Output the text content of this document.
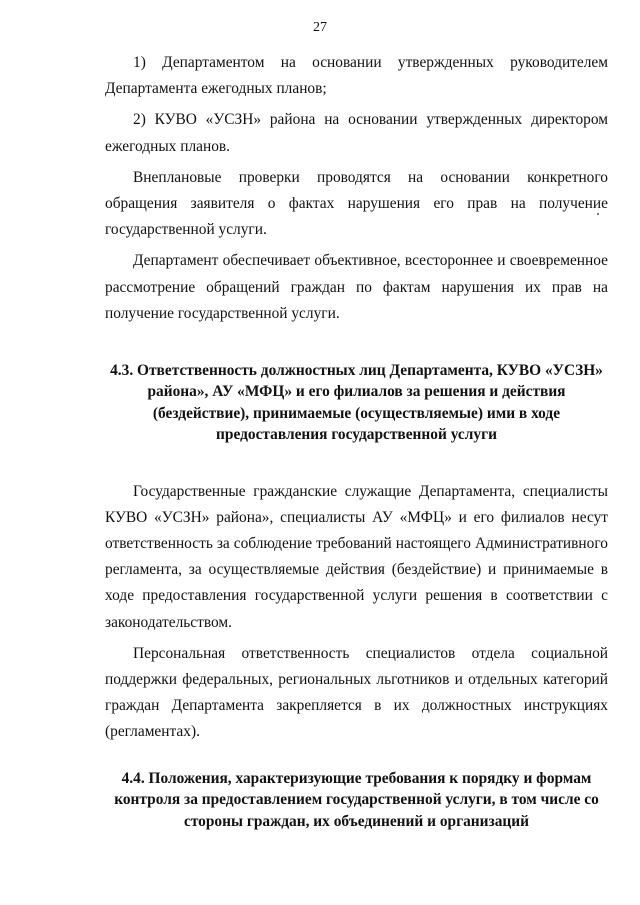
27

1) Департаментом на основании утвержденных руководителем Департамента ежегодных планов;

2) КУВО «УСЗН» района на основании утвержденных директором ежегодных планов.

Внеплановые проверки проводятся на основании конкретного обращения заявителя о фактах нарушения его прав на получение государственной услуги.

Департамент обеспечивает объективное, всестороннее и своевременное рассмотрение обращений граждан по фактам нарушения их прав на получение государственной услуги.

4.3. Ответственность должностных лиц Департамента, КУВО «УСЗН» района», АУ «МФЦ» и его филиалов за решения и действия (бездействие), принимаемые (осуществляемые) ими в ходе предоставления государственной услуги

Государственные гражданские служащие Департамента, специалисты КУВО «УСЗН» района», специалисты АУ «МФЦ» и его филиалов несут ответственность за соблюдение требований настоящего Административного регламента, за осуществляемые действия (бездействие) и принимаемые в ходе предоставления государственной услуги решения в соответствии с законодательством.

Персональная ответственность специалистов отдела социальной поддержки федеральных, региональных льготников и отдельных категорий граждан Департамента закрепляется в их должностных инструкциях (регламентах).

4.4. Положения, характеризующие требования к порядку и формам контроля за предоставлением государственной услуги, в том числе со стороны граждан, их объединений и организаций
